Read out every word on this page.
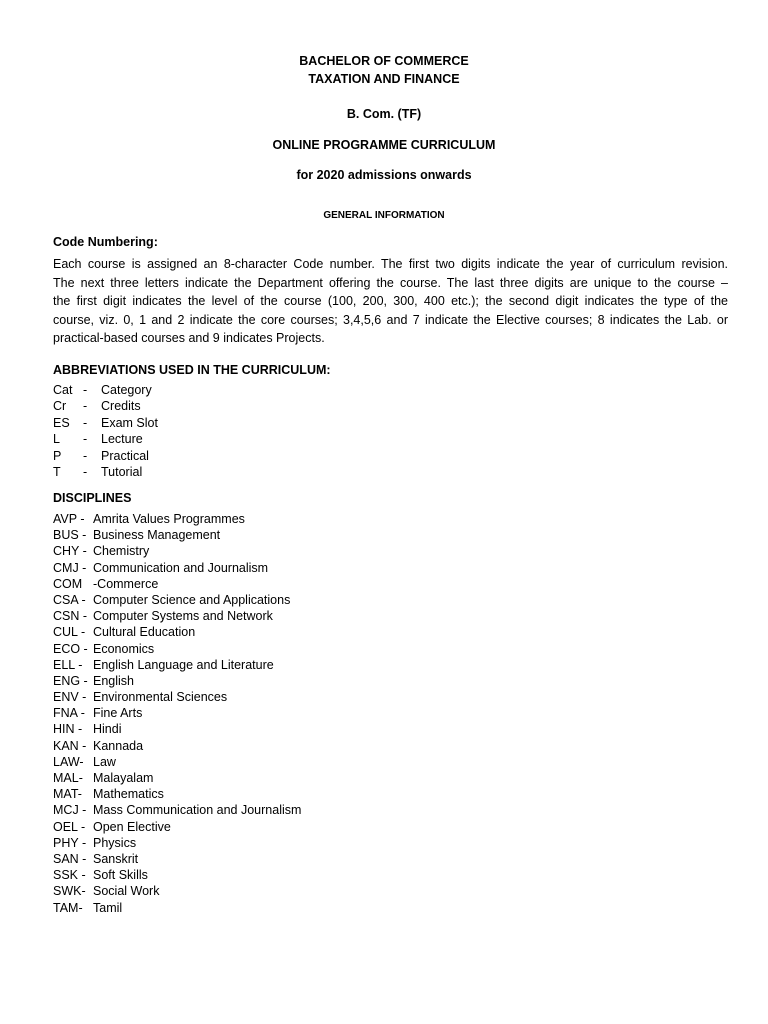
BACHELOR OF COMMERCE
TAXATION AND FINANCE
B. Com. (TF)
ONLINE PROGRAMME CURRICULUM
for 2020 admissions onwards
GENERAL INFORMATION
Code Numbering:
Each course is assigned an 8-character Code number. The first two digits indicate the year of curriculum revision.
The next three letters indicate the Department offering the course. The last three digits are unique to the course –
the first digit indicates the level of the course (100, 200, 300, 400 etc.); the second digit indicates the type of the
course, viz. 0, 1 and 2 indicate the core courses; 3,4,5,6 and 7 indicate the Elective courses; 8 indicates the Lab. or
practical-based courses and 9 indicates Projects.
ABBREVIATIONS USED IN THE CURRICULUM:
Cat - Category
Cr - Credits
ES - Exam Slot
L - Lecture
P - Practical
T - Tutorial
DISCIPLINES
AVP - Amrita Values Programmes
BUS - Business Management
CHY - Chemistry
CMJ - Communication and Journalism
COM -Commerce
CSA - Computer Science and Applications
CSN - Computer Systems and Network
CUL - Cultural Education
ECO - Economics
ELL - English Language and Literature
ENG - English
ENV - Environmental Sciences
FNA - Fine Arts
HIN - Hindi
KAN - Kannada
LAW- Law
MAL- Malayalam
MAT- Mathematics
MCJ - Mass Communication and Journalism
OEL - Open Elective
PHY - Physics
SAN - Sanskrit
SSK - Soft Skills
SWK- Social Work
TAM- Tamil
